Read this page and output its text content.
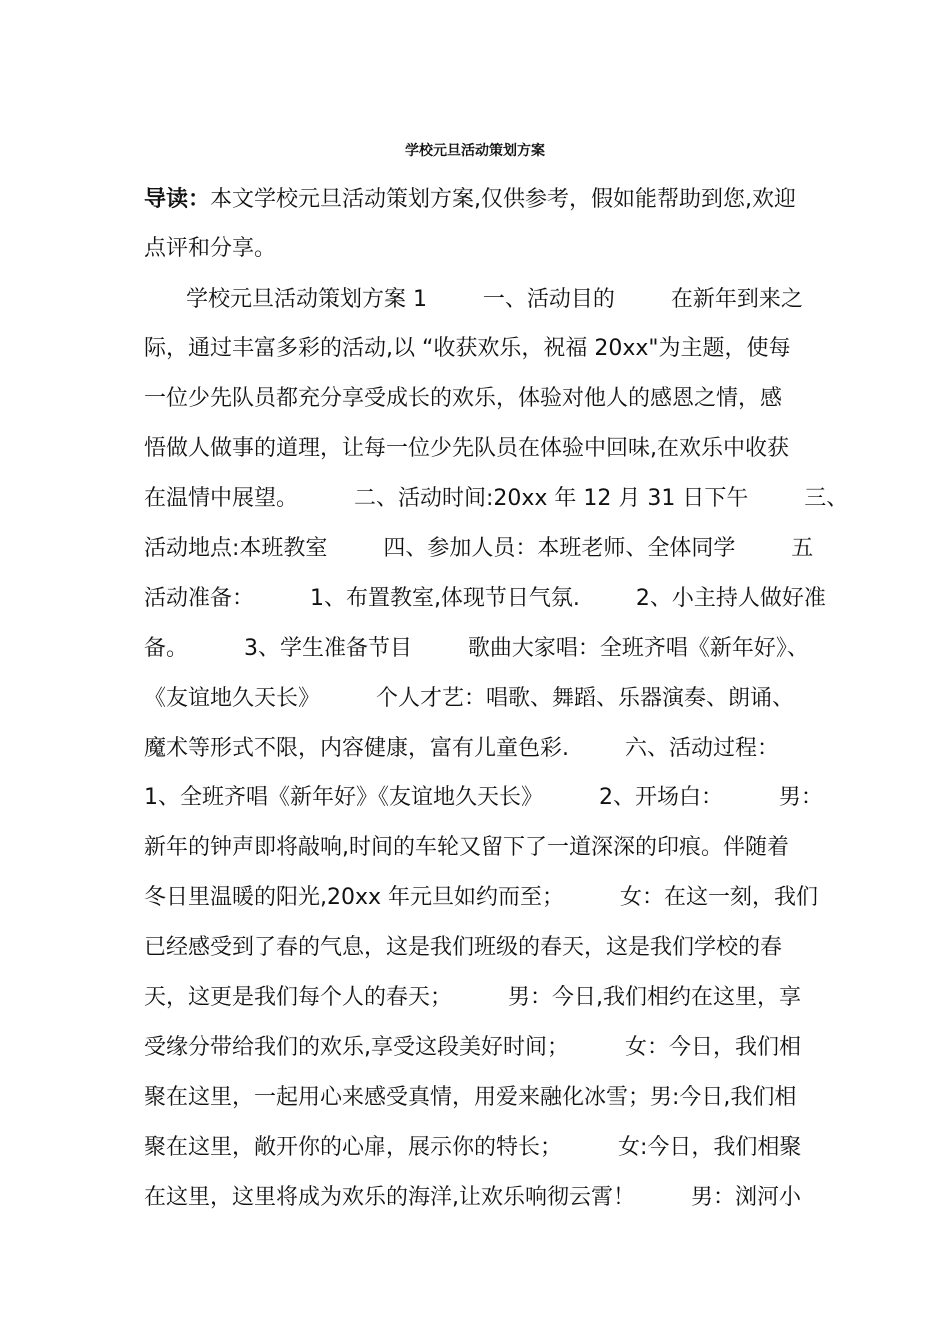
学校元旦活动策划方案
导读：本文学校元旦活动策划方案,仅供参考，假如能帮助到您,欢迎
点评和分享。
学校元旦活动策划方案 1        一、活动目的        在新年到来之
际，通过丰富多彩的活动,以 “收获欢乐，祝福 20xx"为主题，使每
一位少先队员都充分享受成长的欢乐，体验对他人的感恩之情，感
悟做人做事的道理，让每一位少先队员在体验中回味,在欢乐中收获
在温情中展望。        二、活动时间:20xx 年 12 月 31 日下午        三、
活动地点:本班教室        四、参加人员：本班老师、全体同学        五
活动准备：        1、布置教室,体现节日气氛.        2、小主持人做好准
备。        3、学生准备节目        歌曲大家唱：全班齐唱《新年好》、
《友谊地久天长》        个人才艺：唱歌、舞蹈、乐器演奏、朗诵、
魔术等形式不限，内容健康，富有儿童色彩.        六、活动过程：
1、全班齐唱《新年好》《友谊地久天长》        2、开场白：        男：
新年的钟声即将敲响,时间的车轮又留下了一道深深的印痕。伴随着
冬日里温暖的阳光,20xx 年元旦如约而至；        女：在这一刻，我们
已经感受到了春的气息，这是我们班级的春天，这是我们学校的春
天，这更是我们每个人的春天；        男：今日,我们相约在这里，享
受缘分带给我们的欢乐,享受这段美好时间；        女：今日，我们相
聚在这里，一起用心来感受真情，用爱来融化冰雪；男:今日,我们相
聚在这里，敞开你的心扉，展示你的特长；        女:今日，我们相聚
在这里，这里将成为欢乐的海洋,让欢乐响彻云霄！        男：浏河小
